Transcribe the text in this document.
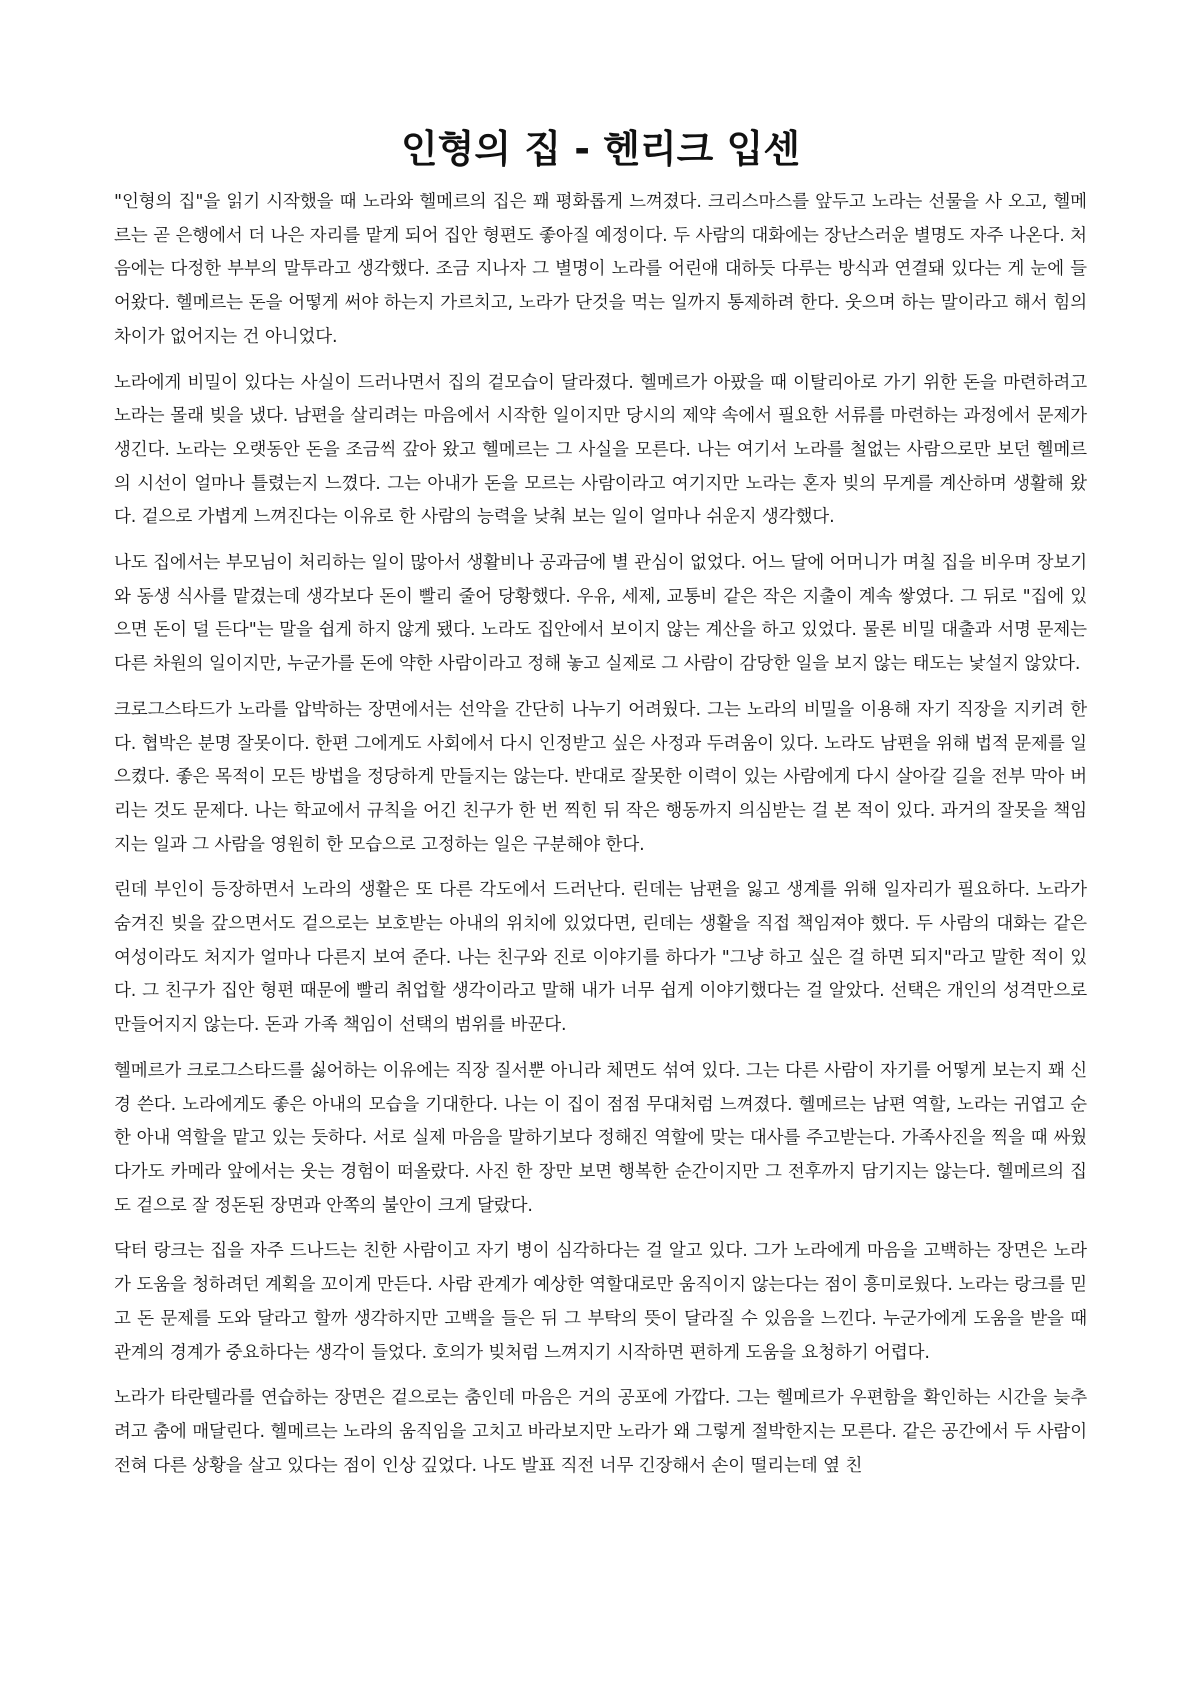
인형의 집 - 헨리크 입센

"인형의 집"을 읽기 시작했을 때 노라와 헬메르의 집은 꽤 평화롭게 느껴졌다. 크리스마스를 앞두고 노라는 선물을 사 오고, 헬메르는 곧 은행에서 더 나은 자리를 맡게 되어 집안 형편도 좋아질 예정이다. 두 사람의 대화에는 장난스러운 별명도 자주 나온다. 처음에는 다정한 부부의 말투라고 생각했다. 조금 지나자 그 별명이 노라를 어린애 대하듯 다루는 방식과 연결돼 있다는 게 눈에 들어왔다. 헬메르는 돈을 어떻게 써야 하는지 가르치고, 노라가 단것을 먹는 일까지 통제하려 한다. 웃으며 하는 말이라고 해서 힘의 차이가 없어지는 건 아니었다.

노라에게 비밀이 있다는 사실이 드러나면서 집의 겉모습이 달라졌다. 헬메르가 아팠을 때 이탈리아로 가기 위한 돈을 마련하려고 노라는 몰래 빚을 냈다. 남편을 살리려는 마음에서 시작한 일이지만 당시의 제약 속에서 필요한 서류를 마련하는 과정에서 문제가 생긴다. 노라는 오랫동안 돈을 조금씩 갚아 왔고 헬메르는 그 사실을 모른다. 나는 여기서 노라를 철없는 사람으로만 보던 헬메르의 시선이 얼마나 틀렸는지 느꼈다. 그는 아내가 돈을 모르는 사람이라고 여기지만 노라는 혼자 빚의 무게를 계산하며 생활해 왔다. 겉으로 가볍게 느껴진다는 이유로 한 사람의 능력을 낮춰 보는 일이 얼마나 쉬운지 생각했다.

나도 집에서는 부모님이 처리하는 일이 많아서 생활비나 공과금에 별 관심이 없었다. 어느 달에 어머니가 며칠 집을 비우며 장보기와 동생 식사를 맡겼는데 생각보다 돈이 빨리 줄어 당황했다. 우유, 세제, 교통비 같은 작은 지출이 계속 쌓였다. 그 뒤로 "집에 있으면 돈이 덜 든다"는 말을 쉽게 하지 않게 됐다. 노라도 집안에서 보이지 않는 계산을 하고 있었다. 물론 비밀 대출과 서명 문제는 다른 차원의 일이지만, 누군가를 돈에 약한 사람이라고 정해 놓고 실제로 그 사람이 감당한 일을 보지 않는 태도는 낯설지 않았다.

크로그스타드가 노라를 압박하는 장면에서는 선악을 간단히 나누기 어려웠다. 그는 노라의 비밀을 이용해 자기 직장을 지키려 한다. 협박은 분명 잘못이다. 한편 그에게도 사회에서 다시 인정받고 싶은 사정과 두려움이 있다. 노라도 남편을 위해 법적 문제를 일으켰다. 좋은 목적이 모든 방법을 정당하게 만들지는 않는다. 반대로 잘못한 이력이 있는 사람에게 다시 살아갈 길을 전부 막아 버리는 것도 문제다. 나는 학교에서 규칙을 어긴 친구가 한 번 찍힌 뒤 작은 행동까지 의심받는 걸 본 적이 있다. 과거의 잘못을 책임지는 일과 그 사람을 영원히 한 모습으로 고정하는 일은 구분해야 한다.

린데 부인이 등장하면서 노라의 생활은 또 다른 각도에서 드러난다. 린데는 남편을 잃고 생계를 위해 일자리가 필요하다. 노라가 숨겨진 빚을 갚으면서도 겉으로는 보호받는 아내의 위치에 있었다면, 린데는 생활을 직접 책임져야 했다. 두 사람의 대화는 같은 여성이라도 처지가 얼마나 다른지 보여 준다. 나는 친구와 진로 이야기를 하다가 "그냥 하고 싶은 걸 하면 되지"라고 말한 적이 있다. 그 친구가 집안 형편 때문에 빨리 취업할 생각이라고 말해 내가 너무 쉽게 이야기했다는 걸 알았다. 선택은 개인의 성격만으로 만들어지지 않는다. 돈과 가족 책임이 선택의 범위를 바꾼다.

헬메르가 크로그스타드를 싫어하는 이유에는 직장 질서뿐 아니라 체면도 섞여 있다. 그는 다른 사람이 자기를 어떻게 보는지 꽤 신경 쓴다. 노라에게도 좋은 아내의 모습을 기대한다. 나는 이 집이 점점 무대처럼 느껴졌다. 헬메르는 남편 역할, 노라는 귀엽고 순한 아내 역할을 맡고 있는 듯하다. 서로 실제 마음을 말하기보다 정해진 역할에 맞는 대사를 주고받는다. 가족사진을 찍을 때 싸웠다가도 카메라 앞에서는 웃는 경험이 떠올랐다. 사진 한 장만 보면 행복한 순간이지만 그 전후까지 담기지는 않는다. 헬메르의 집도 겉으로 잘 정돈된 장면과 안쪽의 불안이 크게 달랐다.

닥터 랑크는 집을 자주 드나드는 친한 사람이고 자기 병이 심각하다는 걸 알고 있다. 그가 노라에게 마음을 고백하는 장면은 노라가 도움을 청하려던 계획을 꼬이게 만든다. 사람 관계가 예상한 역할대로만 움직이지 않는다는 점이 흥미로웠다. 노라는 랑크를 믿고 돈 문제를 도와 달라고 할까 생각하지만 고백을 들은 뒤 그 부탁의 뜻이 달라질 수 있음을 느낀다. 누군가에게 도움을 받을 때 관계의 경계가 중요하다는 생각이 들었다. 호의가 빚처럼 느껴지기 시작하면 편하게 도움을 요청하기 어렵다.

노라가 타란텔라를 연습하는 장면은 겉으로는 춤인데 마음은 거의 공포에 가깝다. 그는 헬메르가 우편함을 확인하는 시간을 늦추려고 춤에 매달린다. 헬메르는 노라의 움직임을 고치고 바라보지만 노라가 왜 그렇게 절박한지는 모른다. 같은 공간에서 두 사람이 전혀 다른 상황을 살고 있다는 점이 인상 깊었다. 나도 발표 직전 너무 긴장해서 손이 떨리는데 옆 친
